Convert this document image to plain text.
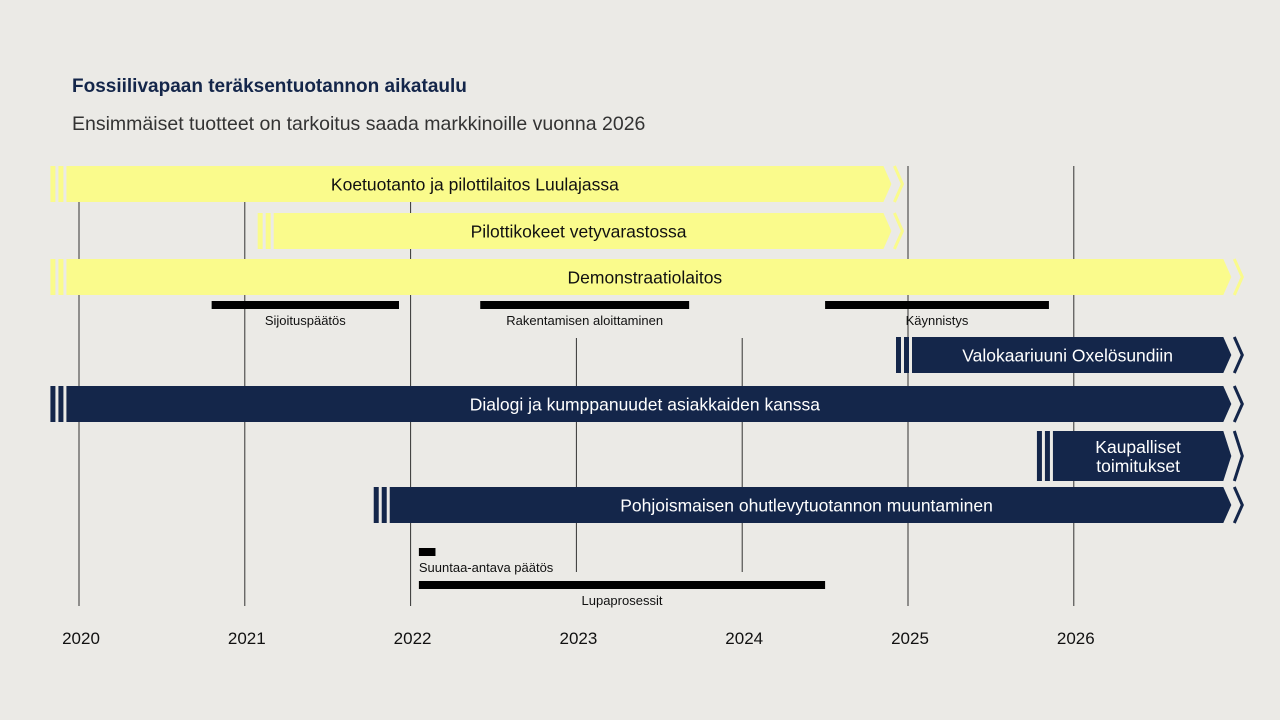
Fossiilivapaan teräksentuotannon aikataulu

Ensimmäiset tuotteet on tarkoitus saada markkinoille vuonna 2026

Koetuotanto ja pilottilaitos Luulajassa
Pilottikokeet vetyvarastossa
Demonstraatiolaitos
Valokaariuuni Oxelösundiin
Dialogi ja kumppanuudet asiakkaiden kanssa
Kaupalliset toimitukset
Pohjoismaisen ohutlevytuotannon muuntaminen
Sijoituspäätös	Rakentamisen aloittaminen	Käynnistys
Suuntaa-antava päätös
Lupaprosessit
2020	2021	2022	2023	2024	2025	2026
